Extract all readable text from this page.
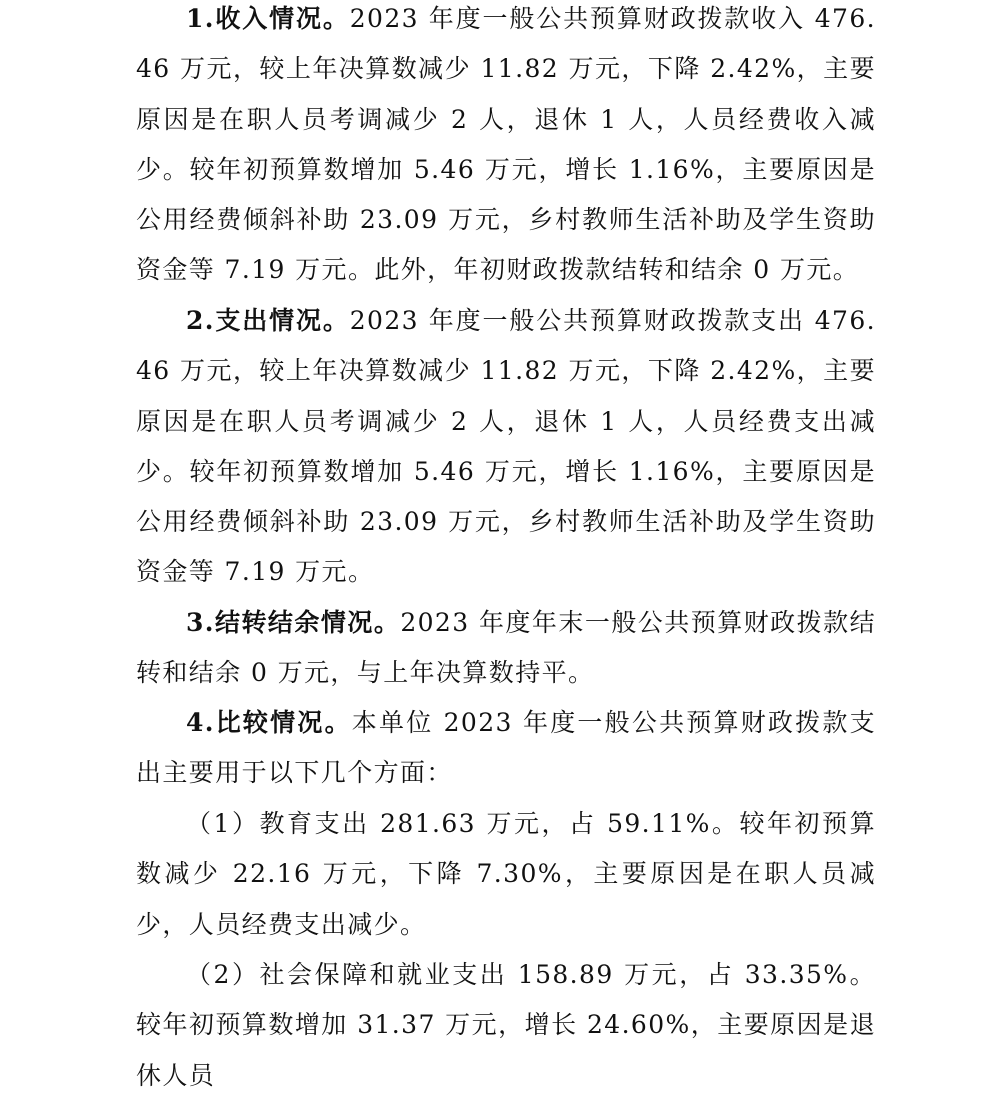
1.收入情况。2023 年度一般公共预算财政拨款收入 476.46 万元，较上年决算数减少 11.82 万元，下降 2.42%，主要原因是在职人员考调减少 2 人，退休 1 人，人员经费收入减少。较年初预算数增加 5.46 万元，增长 1.16%，主要原因是公用经费倾斜补助 23.09 万元，乡村教师生活补助及学生资助资金等 7.19 万元。此外，年初财政拨款结转和结余 0 万元。

2.支出情况。2023 年度一般公共预算财政拨款支出 476.46 万元，较上年决算数减少 11.82 万元，下降 2.42%，主要原因是在职人员考调减少 2 人，退休 1 人，人员经费支出减少。较年初预算数增加 5.46 万元，增长 1.16%，主要原因是公用经费倾斜补助 23.09 万元，乡村教师生活补助及学生资助资金等 7.19 万元。

3.结转结余情况。2023 年度年末一般公共预算财政拨款结转和结余 0 万元，与上年决算数持平。

4.比较情况。本单位 2023 年度一般公共预算财政拨款支出主要用于以下几个方面：

（1）教育支出 281.63 万元，占 59.11%。较年初预算数减少 22.16 万元，下降 7.30%，主要原因是在职人员减少，人员经费支出减少。

（2）社会保障和就业支出 158.89 万元，占 33.35%。较年初预算数增加 31.37 万元，增长 24.60%，主要原因是退休人员
